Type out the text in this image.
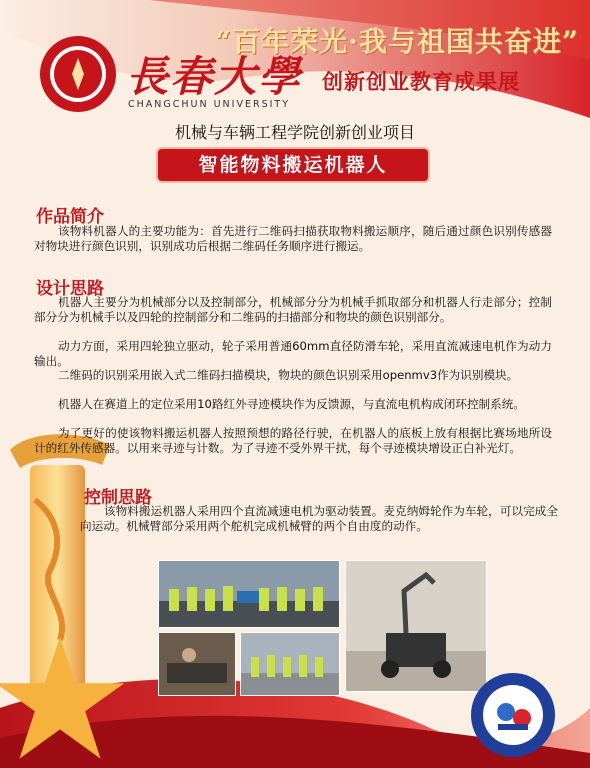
長春大學
CHANGCHUN UNIVERSITY
“百年荣光·我与祖国共奋进”
创新创业教育成果展
机械与车辆工程学院创新创业项目
智能物料搬运机器人
作品简介

该物料机器人的主要功能为：首先进行二维码扫描获取物料搬运顺序，随后通过颜色识别传感器对物块进行颜色识别，识别成功后根据二维码任务顺序进行搬运。

设计思路

机器人主要分为机械部分以及控制部分，机械部分分为机械手抓取部分和机器人行走部分；控制部分分为机械手以及四轮的控制部分和二维码的扫描部分和物块的颜色识别部分。

动力方面，采用四轮独立驱动，轮子采用普通60mm直径防滑车轮，采用直流减速电机作为动力输出。

二维码的识别采用嵌入式二维码扫描模块，物块的颜色识别采用openmv3作为识别模块。

机器人在赛道上的定位采用10路红外寻迹模块作为反馈源，与直流电机构成闭环控制系统。

为了更好的使该物料搬运机器人按照预想的路径行驶，在机器人的底板上放有根据比赛场地所设计的红外传感器。以用来寻迹与计数。为了寻迹不受外界干扰，每个寻迹模块增设正白补光灯。

控制思路

该物料搬运机器人采用四个直流减速电机为驱动装置。麦克纳姆轮作为车轮，可以完成全向运动。机械臂部分采用两个舵机完成机械臂的两个自由度的动作。
